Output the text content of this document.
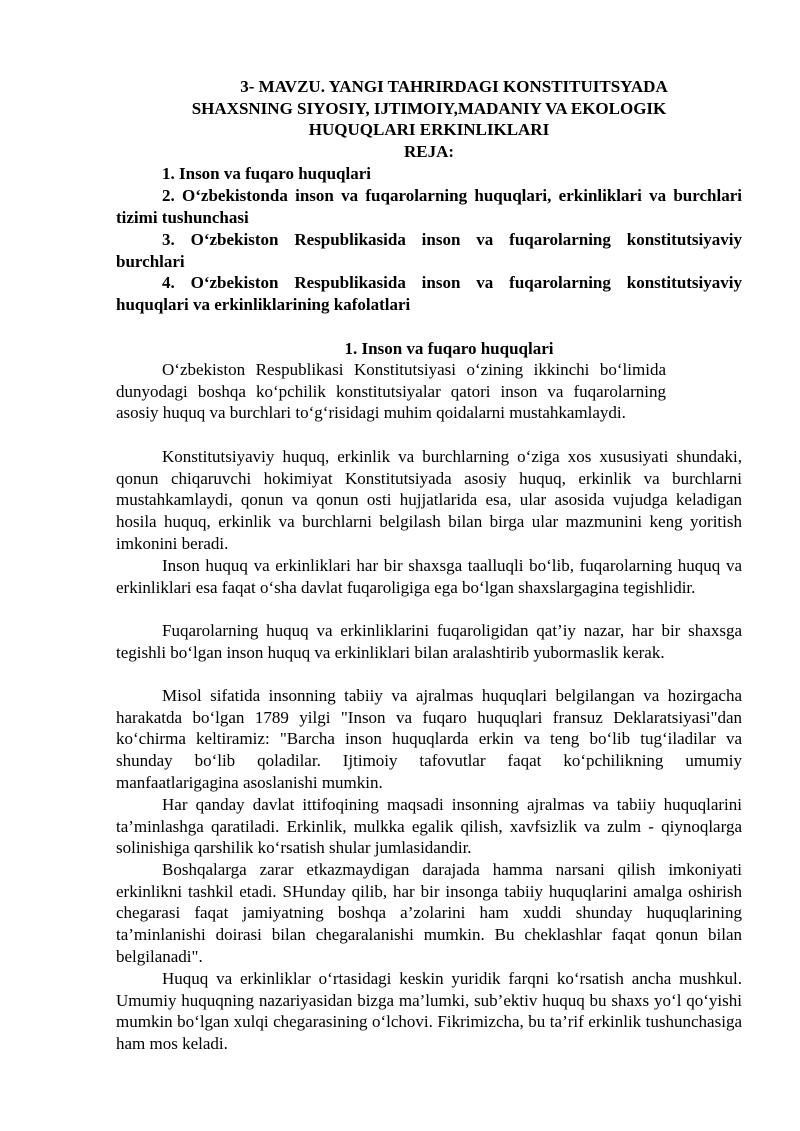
3- MAVZU. YANGI TAHRIRDAGI KONSTITUITSYADA
SHAXSNING SIYOSIY, IJTIMOIY,MADANIY VA EKOLOGIK
HUQUQLARI ERKINLIKLARI
REJA:

1. Inson va fuqaro huquqlari

2. O‘zbekistonda inson va fuqarolarning huquqlari, erkinliklari va burchlari tizimi tushunchasi

3. O‘zbekiston Respublikasida inson va fuqarolarning konstitutsiyaviy burchlari

4. O‘zbekiston Respublikasida inson va fuqarolarning konstitutsiyaviy huquqlari va erkinliklarining kafolatlari

1. Inson va fuqaro huquqlari

O‘zbekiston Respublikasi Konstitutsiyasi o‘zining ikkinchi bo‘limida dunyodagi boshqa ko‘pchilik konstitutsiyalar qatori inson va fuqarolarning asosiy huquq va burchlari to‘g‘risidagi muhim qoidalarni mustahkamlaydi.

Konstitutsiyaviy huquq, erkinlik va burchlarning o‘ziga xos xususiyati shundaki, qonun chiqaruvchi hokimiyat Konstitutsiyada asosiy huquq, erkinlik va burchlarni mustahkamlaydi, qonun va qonun osti hujjatlarida esa, ular asosida vujudga keladigan hosila huquq, erkinlik va burchlarni belgilash bilan birga ular mazmunini keng yoritish imkonini beradi.

Inson huquq va erkinliklari har bir shaxsga taalluqli bo‘lib, fuqarolarning huquq va erkinliklari esa faqat o‘sha davlat fuqaroligiga ega bo‘lgan shaxslargagina tegishlidir.

Fuqarolarning huquq va erkinliklarini fuqaroligidan qat’iy nazar, har bir shaxsga tegishli bo‘lgan inson huquq va erkinliklari bilan aralashtirib yubormaslik kerak.

Misol sifatida insonning tabiiy va ajralmas huquqlari belgilangan va hozirgacha harakatda bo‘lgan 1789 yilgi "Inson va fuqaro huquqlari fransuz Deklaratsiyasi"dan ko‘chirma keltiramiz: "Barcha inson huquqlarda erkin va teng bo‘lib tug‘iladilar va shunday bo‘lib qoladilar. Ijtimoiy tafovutlar faqat ko‘pchilikning umumiy manfaatlarigagina asoslanishi mumkin.

Har qanday davlat ittifoqining maqsadi insonning ajralmas va tabiiy huquqlarini ta’minlashga qaratiladi. Erkinlik, mulkka egalik qilish, xavfsizlik va zulm - qiynoqlarga solinishiga qarshilik ko‘rsatish shular jumlasidandir.

Boshqalarga zarar etkazmaydigan darajada hamma narsani qilish imkoniyati erkinlikni tashkil etadi. SHunday qilib, har bir insonga tabiiy huquqlarini amalga oshirish chegarasi faqat jamiyatning boshqa a’zolarini ham xuddi shunday huquqlarining ta’minlanishi doirasi bilan chegaralanishi mumkin. Bu cheklashlar faqat qonun bilan belgilanadi".

Huquq va erkinliklar o‘rtasidagi keskin yuridik farqni ko‘rsatish ancha mushkul. Umumiy huquqning nazariyasidan bizga ma’lumki, sub’ektiv huquq bu shaxs yo‘l qo‘yishi mumkin bo‘lgan xulqi chegarasining o‘lchovi. Fikrimizcha, bu ta’rif erkinlik tushunchasiga ham mos keladi.
